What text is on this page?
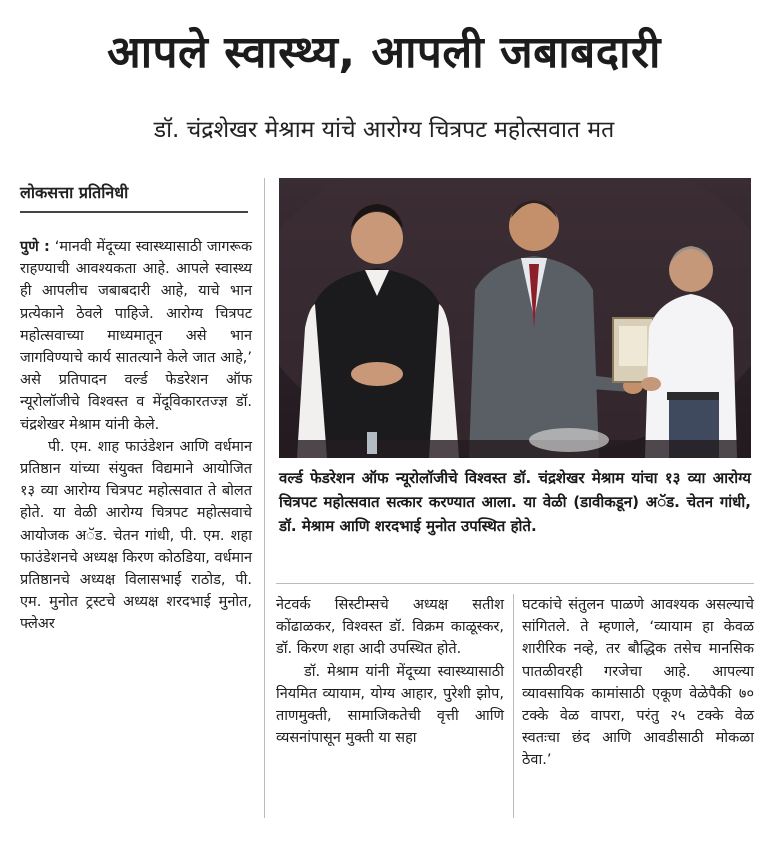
आपले स्वास्थ्य, आपली जबाबदारी
डॉ. चंद्रशेखर मेश्राम यांचे आरोग्य चित्रपट महोत्सवात मत
लोकसत्ता प्रतिनिधी

पुणे : ‘मानवी मेंदूच्या स्वास्थ्यासाठी जागरूक राहण्याची आवश्यकता आहे. आपले स्वास्थ्य ही आपलीच जबाबदारी आहे, याचे भान प्रत्येकाने ठेवले पाहिजे. आरोग्य चित्रपट महोत्सवाच्या माध्यमातून असे भान जागविण्याचे कार्य सातत्याने केले जात आहे,’ असे प्रतिपादन वर्ल्ड फेडरेशन ऑफ न्यूरोलॉजीचे विश्वस्त व मेंदूविकारतज्ज्ञ डॉ. चंद्रशेखर मेश्राम यांनी केले.

पी. एम. शाह फाउंडेशन आणि वर्धमान प्रतिष्ठान यांच्या संयुक्त विद्यमाने आयोजित १३ व्या आरोग्य चित्रपट महोत्सवात ते बोलत होते. या वेळी आरोग्य चित्रपट महोत्सवाचे आयोजक अॅड. चेतन गांधी, पी. एम. शहा फाउंडेशनचे अध्यक्ष किरण कोठडिया, वर्धमान प्रतिष्ठानचे अध्यक्ष विलासभाई राठोड, पी. एम. मुनोत ट्रस्टचे अध्यक्ष शरदभाई मुनोत, फ्लेअर

वर्ल्ड फेडरेशन ऑफ न्यूरोलॉजीचे विश्वस्त डॉ. चंद्रशेखर मेश्राम यांचा १३ व्या आरोग्य चित्रपट महोत्सवात सत्कार करण्यात आला. या वेळी (डावीकडून) अॅड. चेतन गांधी, डॉ. मेश्राम आणि शरदभाई मुनोत उपस्थित होते.

नेटवर्क सिस्टीम्सचे अध्यक्ष सतीश कोंढाळकर, विश्वस्त डॉ. विक्रम काळूस्कर, डॉ. किरण शहा आदी उपस्थित होते.

डॉ. मेश्राम यांनी मेंदूच्या स्वास्थ्यासाठी नियमित व्यायाम, योग्य आहार, पुरेशी झोप, ताणमुक्ती, सामाजिकतेची वृत्ती आणि व्यसनांपासून मुक्ती या सहा

घटकांचे संतुलन पाळणे आवश्यक असल्याचे सांगितले. ते म्हणाले, ‘व्यायाम हा केवळ शारीरिक नव्हे, तर बौद्धिक तसेच मानसिक पातळीवरही गरजेचा आहे. आपल्या व्यावसायिक कामांसाठी एकूण वेळेपैकी ७० टक्के वेळ वापरा, परंतु २५ टक्के वेळ स्वतःचा छंद आणि आवडीसाठी मोकळा ठेवा.’
